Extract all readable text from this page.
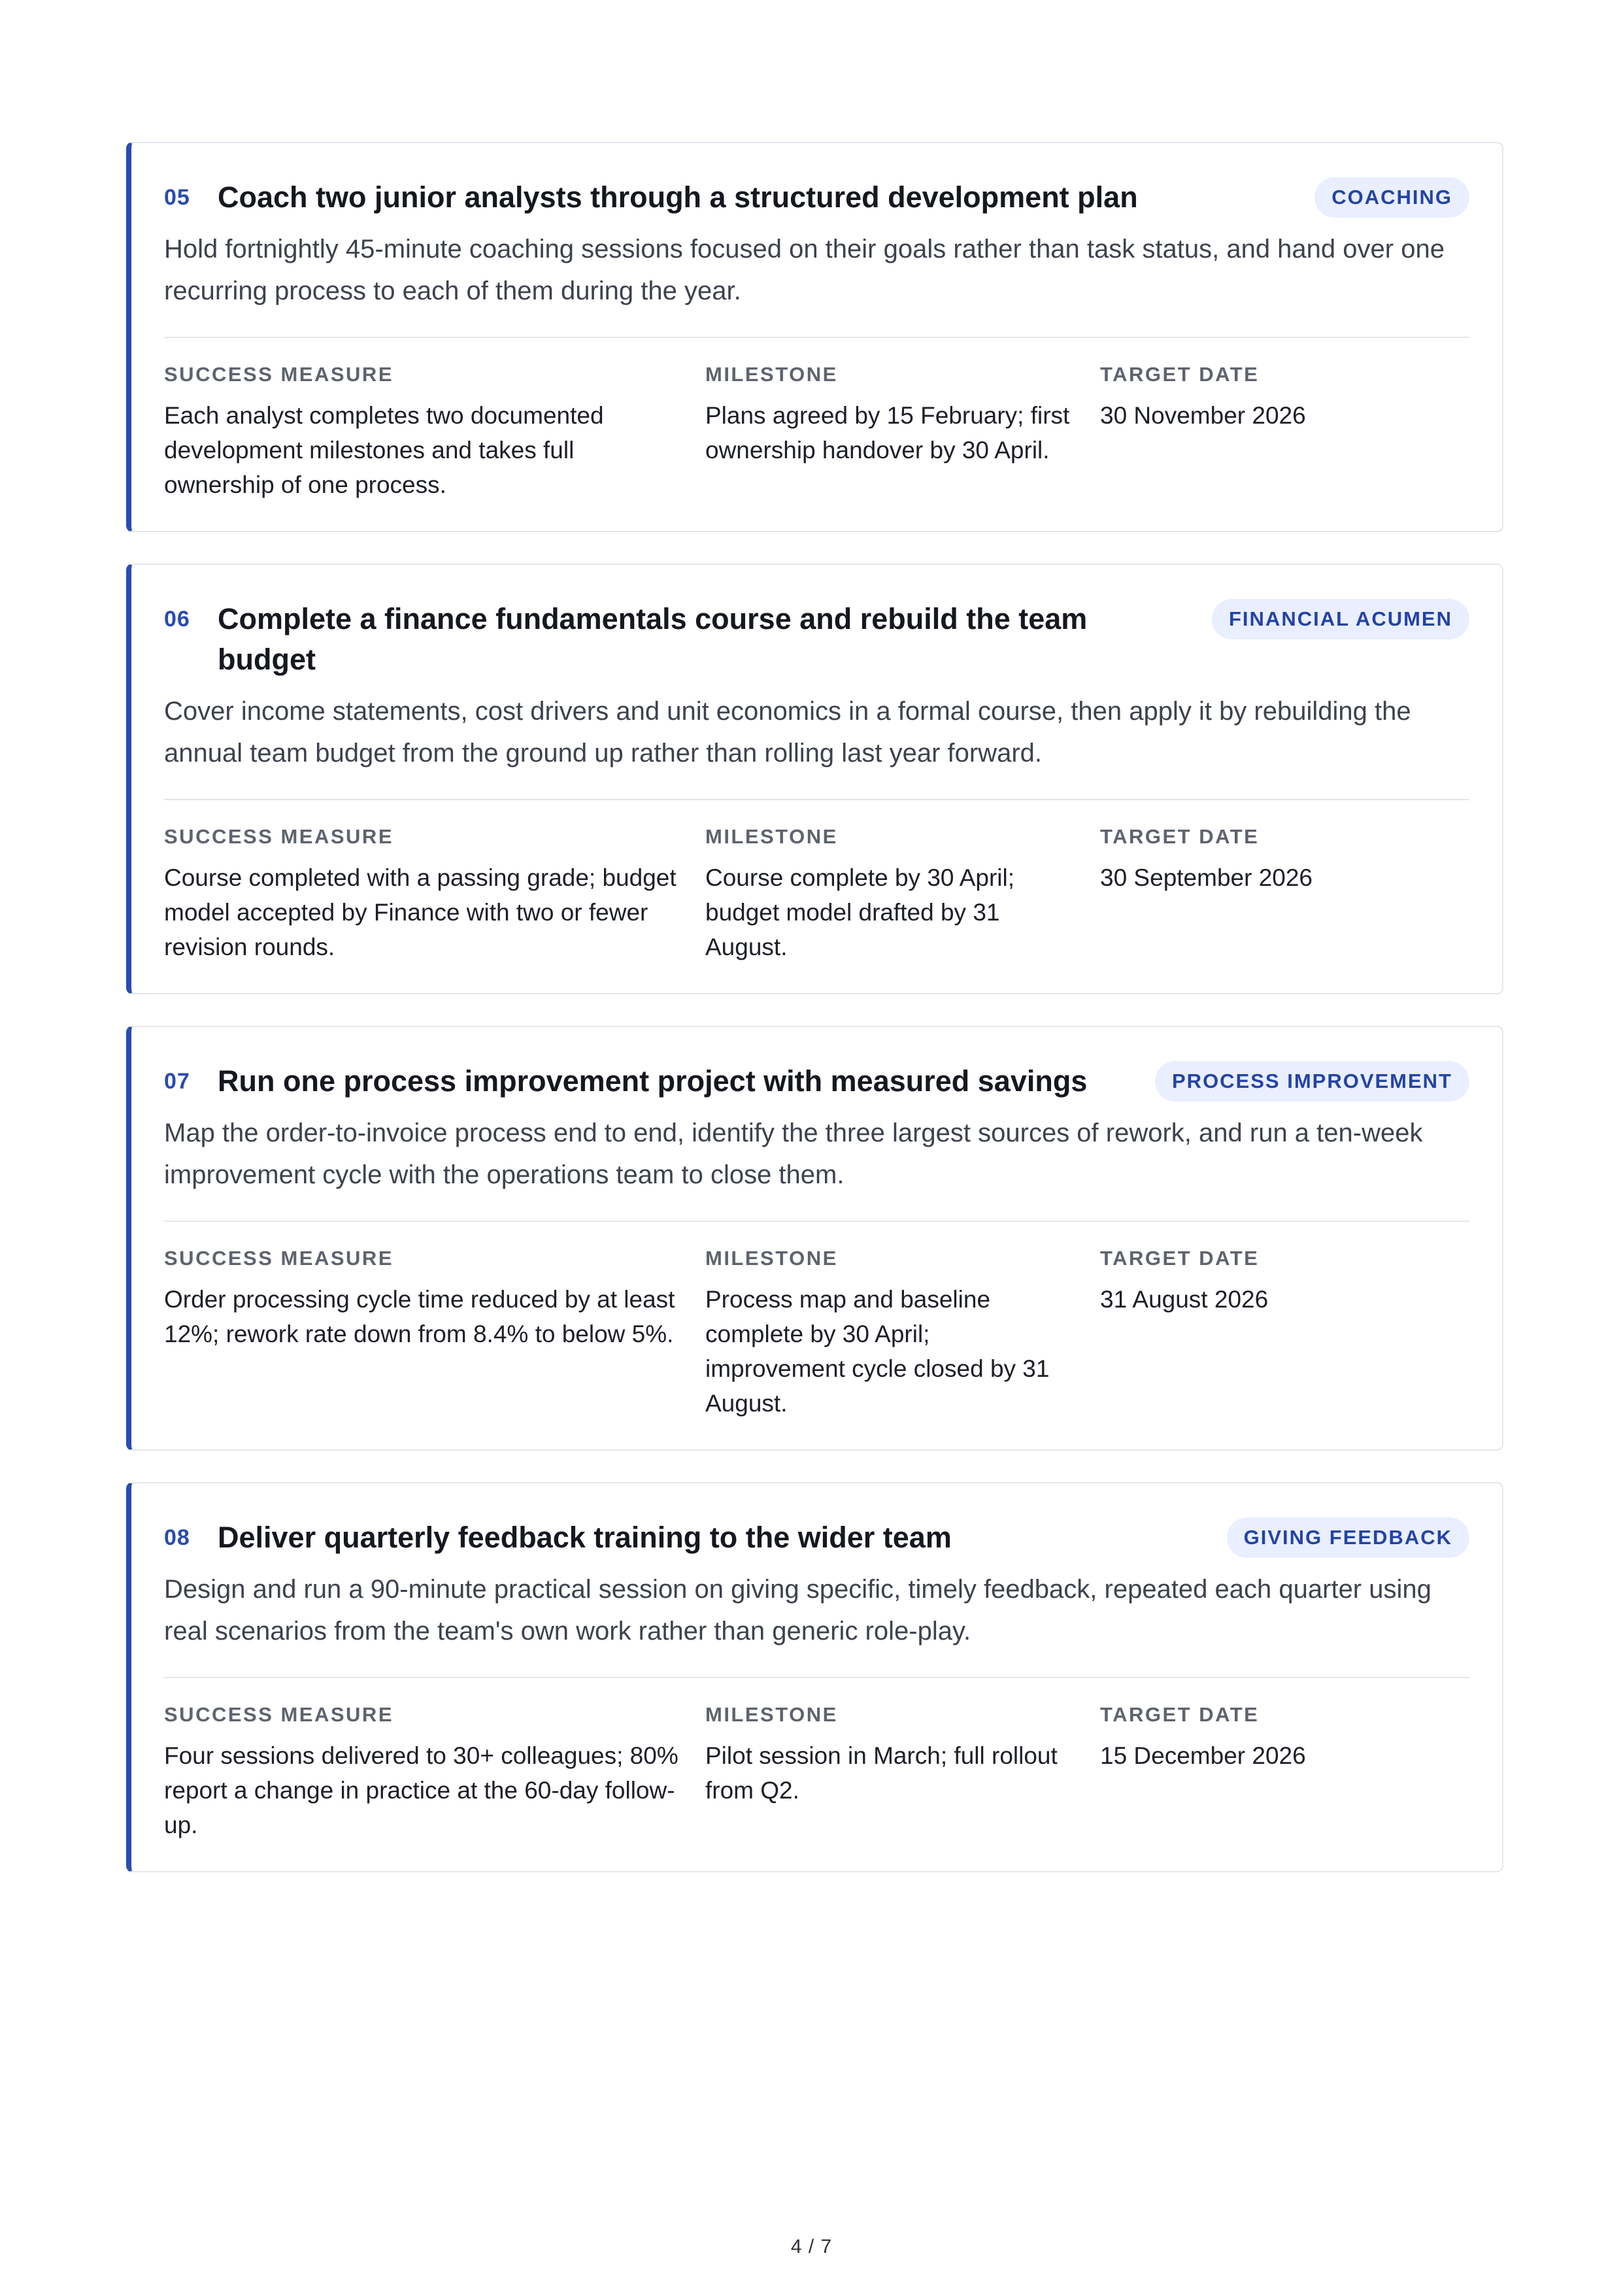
05 Coach two junior analysts through a structured development plan	COACHING

Hold fortnightly 45-minute coaching sessions focused on their goals rather than task status, and hand over one recurring process to each of them during the year.

SUCCESS MEASURE
Each analyst completes two documented development milestones and takes full ownership of one process.
MILESTONE
Plans agreed by 15 February; first ownership handover by 30 April.
TARGET DATE
30 November 2026
06 Complete a finance fundamentals course and rebuild the team budget
FINANCIAL ACUMEN

Cover income statements, cost drivers and unit economics in a formal course, then apply it by rebuilding the annual team budget from the ground up rather than rolling last year forward.

SUCCESS MEASURE
Course completed with a passing grade; budget model accepted by Finance with two or fewer revision rounds.
MILESTONE
Course complete by 30 April; budget model drafted by 31 August.
TARGET DATE
30 September 2026
07 Run one process improvement project with measured savings	PROCESS IMPROVEMENT

Map the order-to-invoice process end to end, identify the three largest sources of rework, and run a ten-week improvement cycle with the operations team to close them.

SUCCESS MEASURE
Order processing cycle time reduced by at least 12%; rework rate down from 8.4% to below 5%.
MILESTONE
Process map and baseline complete by 30 April; improvement cycle closed by 31 August.
TARGET DATE
31 August 2026
08 Deliver quarterly feedback training to the wider team	GIVING FEEDBACK

Design and run a 90-minute practical session on giving specific, timely feedback, repeated each quarter using real scenarios from the team's own work rather than generic role-play.

SUCCESS MEASURE
Four sessions delivered to 30+ colleagues; 80% report a change in practice at the 60-day follow-up.
MILESTONE
Pilot session in March; full rollout from Q2.
TARGET DATE
15 December 2026
4 / 7
